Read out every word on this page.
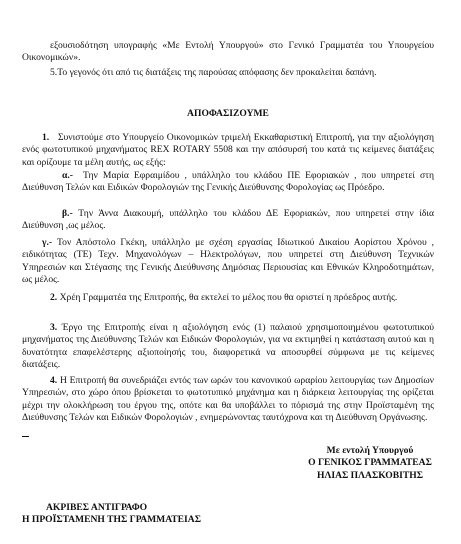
εξουσιοδότηση υπογραφής «Με Εντολή Υπουργού» στο Γενικό Γραμματέα του Υπουργείου Οικονομικών».

5.Το γεγονός ότι από τις διατάξεις της παρούσας απόφασης δεν προκαλείται δαπάνη.

ΑΠΟΦΑΣΙΖΟΥΜΕ

1. Συνιστούμε στο Υπουργείο Οικονομικών τριμελή Εκκαθαριστική Επιτροπή, για την αξιολόγηση ενός φωτοτυπικού μηχανήματος REX ROTARY 5508 και την απόσυρσή του κατά τις κείμενες διατάξεις και ορίζουμε τα μέλη αυτής, ως εξής:

α.- Την Μαρία Εφραιμίδου , υπάλληλο του κλάδου ΠΕ Εφοριακών , που υπηρετεί στη Διεύθυνση Τελών και Ειδικών Φορολογιών της Γενικής Διεύθυνσης Φορολογίας ως Πρόεδρο.

β.- Την Άννα Διακουμή, υπάλληλο του κλάδου ΔΕ Εφοριακών, που υπηρετεί στην ίδια Διεύθυνση ,ως μέλος.

γ.- Τον Απόστολο Γκέκη, υπάλληλο με σχέση εργασίας Ιδιωτικού Δικαίου Αορίστου Χρόνου , ειδικότητας (ΤΕ) Τεχν. Μηχανολόγων – Ηλεκτρολόγων, που υπηρετεί στη Διεύθυνση Τεχνικών Υπηρεσιών και Στέγασης της Γενικής Διεύθυνσης Δημόσιας Περιουσίας και Εθνικών Κληροδοτημάτων, ως μέλος.

2. Χρέη Γραμματέα της Επιτροπής, θα εκτελεί το μέλος που θα οριστεί η πρόεδρος αυτής.

3. Έργο της Επιτροπής είναι η αξιολόγηση ενός (1) παλαιού χρησιμοποιημένου φωτοτυπικού μηχανήματος της Διεύθυνσης Τελών και Ειδικών Φορολογιών, για να εκτιμηθεί η κατάσταση αυτού και η δυνατότητα επαφελέστερης αξιοποίησής του, διαφορετικά να αποσυρθεί σύμφωνα με τις κείμενες διατάξεις.

4. Η Επιτροπή θα συνεδριάζει εντός των ωρών του κανονικού ωραρίου λειτουργίας των Δημοσίων Υπηρεσιών, στο χώρο όπου βρίσκεται το φωτοτυπικό μηχάνημα και η διάρκεια λειτουργίας της ορίζεται μέχρι την ολοκλήρωση του έργου της, οπότε και θα υποβάλλει το πόρισμά της στην Προϊσταμένη της Διεύθυνσης Τελών και Ειδικών Φορολογιών , ενημερώνοντας ταυτόχρονα και τη Διεύθυνση Οργάνωσης.

Με εντολή Υπουργού
Ο ΓΕΝΙΚΟΣ ΓΡΑΜΜΑΤΕΑΣ
ΗΛΙΑΣ ΠΛΑΣΚΟΒΙΤΗΣ
ΑΚΡΙΒΕΣ ΑΝΤΙΓΡΑΦΟ
Η ΠΡΟΪΣΤΑΜΕΝΗ ΤΗΣ ΓΡΑΜΜΑΤΕΙΑΣ
